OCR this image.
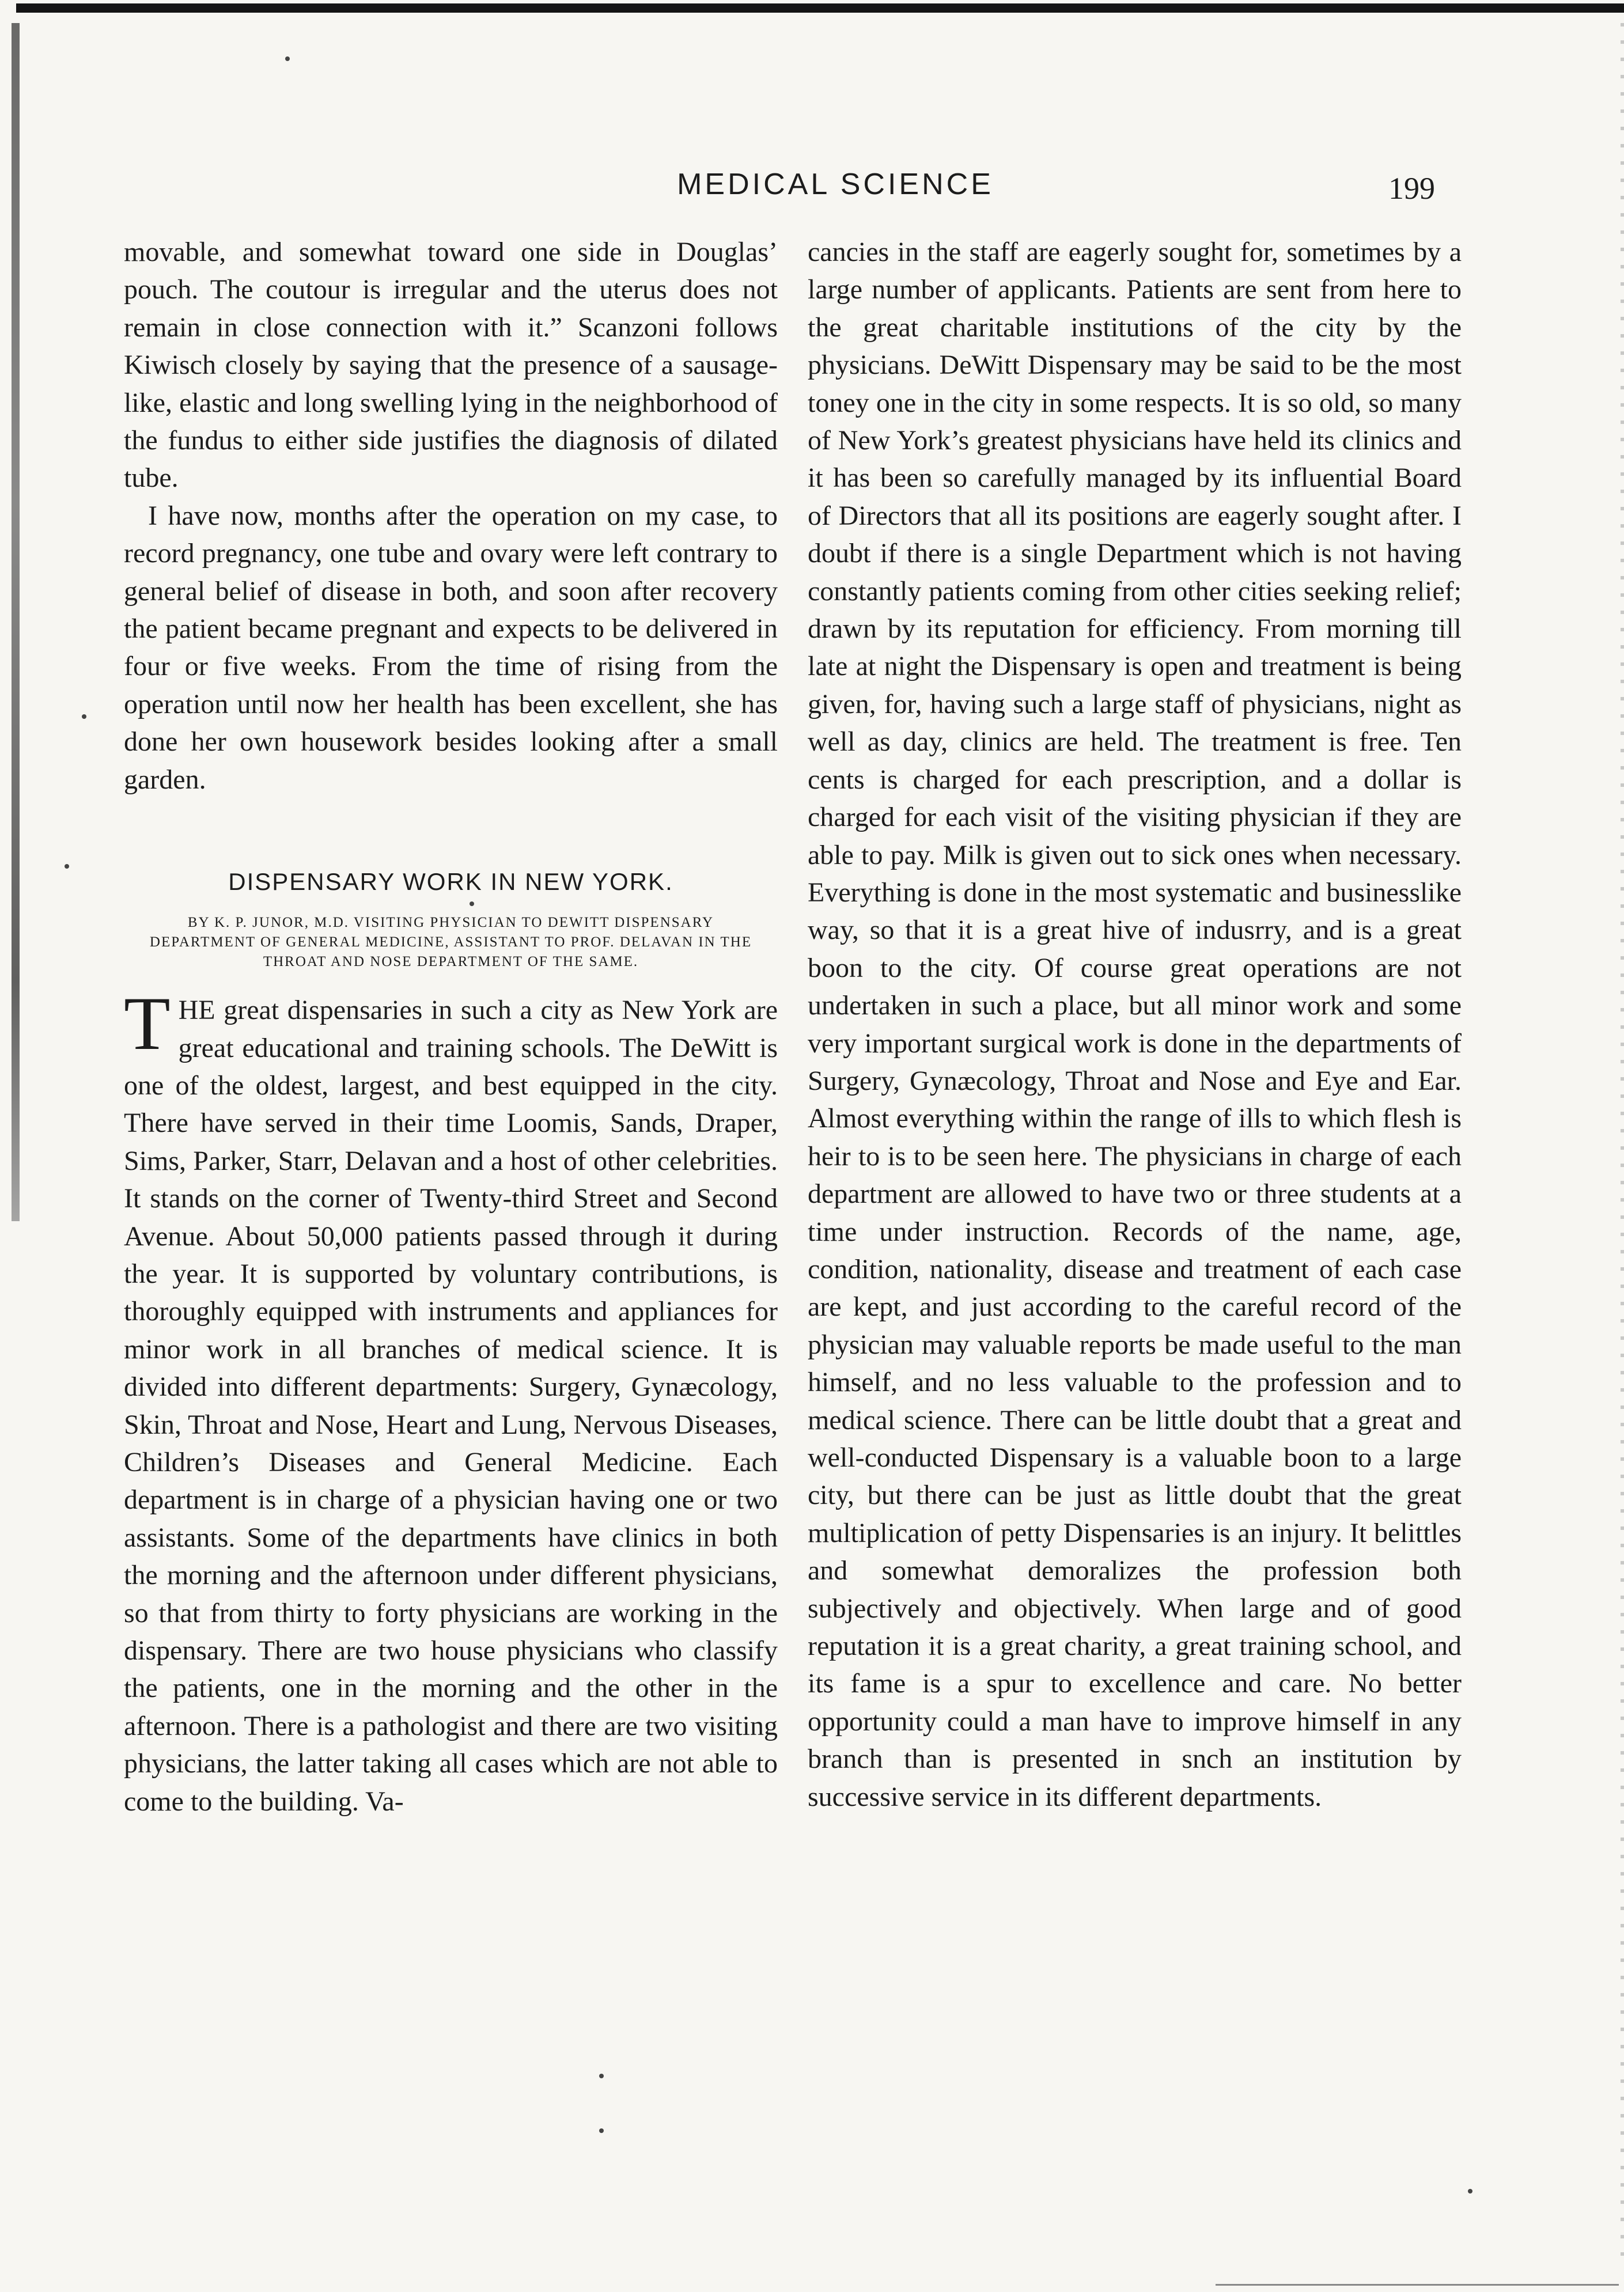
MEDICAL SCIENCE	199

movable, and somewhat toward one side in Douglas’ pouch. The coutour is irregular and the uterus does not remain in close connection with it.” Scanzoni follows Kiwisch closely by saying that the presence of a sausage-like, elastic and long swelling lying in the neighborhood of the fundus to either side justifies the diagnosis of dilated tube.

I have now, months after the operation on my case, to record pregnancy, one tube and ovary were left contrary to general belief of disease in both, and soon after recovery the patient became pregnant and expects to be delivered in four or five weeks. From the time of rising from the operation until now her health has been excellent, she has done her own housework besides looking after a small garden.

DISPENSARY WORK IN NEW YORK.
BY K. P. JUNOR, M.D. VISITING PHYSICIAN TO DEWITT DISPENSARY DEPARTMENT OF GENERAL MEDICINE, ASSISTANT TO PROF. DELAVAN IN THE THROAT AND NOSE DEPARTMENT OF THE SAME.

THE great dispensaries in such a city as New York are great educational and training schools. The DeWitt is one of the oldest, largest, and best equipped in the city. There have served in their time Loomis, Sands, Draper, Sims, Parker, Starr, Delavan and a host of other celebrities. It stands on the corner of Twenty-third Street and Second Avenue. About 50,000 patients passed through it during the year. It is supported by voluntary contributions, is thoroughly equipped with instruments and appliances for minor work in all branches of medical science. It is divided into different departments: Surgery, Gynæcology, Skin, Throat and Nose, Heart and Lung, Nervous Diseases, Children’s Diseases and General Medicine. Each department is in charge of a physician having one or two assistants. Some of the departments have clinics in both the morning and the afternoon under different physicians, so that from thirty to forty physicians are working in the dispensary. There are two house physicians who classify the patients, one in the morning and the other in the afternoon. There is a pathologist and there are two visiting physicians, the latter taking all cases which are not able to come to the building. Va-

cancies in the staff are eagerly sought for, sometimes by a large number of applicants. Patients are sent from here to the great charitable institutions of the city by the physicians. DeWitt Dispensary may be said to be the most toney one in the city in some respects. It is so old, so many of New York’s greatest physicians have held its clinics and it has been so carefully managed by its influential Board of Directors that all its positions are eagerly sought after. I doubt if there is a single Department which is not having constantly patients coming from other cities seeking relief; drawn by its reputation for efficiency. From morning till late at night the Dispensary is open and treatment is being given, for, having such a large staff of physicians, night as well as day, clinics are held. The treatment is free. Ten cents is charged for each prescription, and a dollar is charged for each visit of the visiting physician if they are able to pay. Milk is given out to sick ones when necessary. Everything is done in the most systematic and businesslike way, so that it is a great hive of indusrry, and is a great boon to the city. Of course great operations are not undertaken in such a place, but all minor work and some very important surgical work is done in the departments of Surgery, Gynæcology, Throat and Nose and Eye and Ear. Almost everything within the range of ills to which flesh is heir to is to be seen here. The physicians in charge of each department are allowed to have two or three students at a time under instruction. Records of the name, age, condition, nationality, disease and treatment of each case are kept, and just according to the careful record of the physician may valuable reports be made useful to the man himself, and no less valuable to the profession and to medical science. There can be little doubt that a great and well-conducted Dispensary is a valuable boon to a large city, but there can be just as little doubt that the great multiplication of petty Dispensaries is an injury. It belittles and somewhat demoralizes the profession both subjectively and objectively. When large and of good reputation it is a great charity, a great training school, and its fame is a spur to excellence and care. No better opportunity could a man have to improve himself in any branch than is presented in snch an institution by successive service in its different departments.
